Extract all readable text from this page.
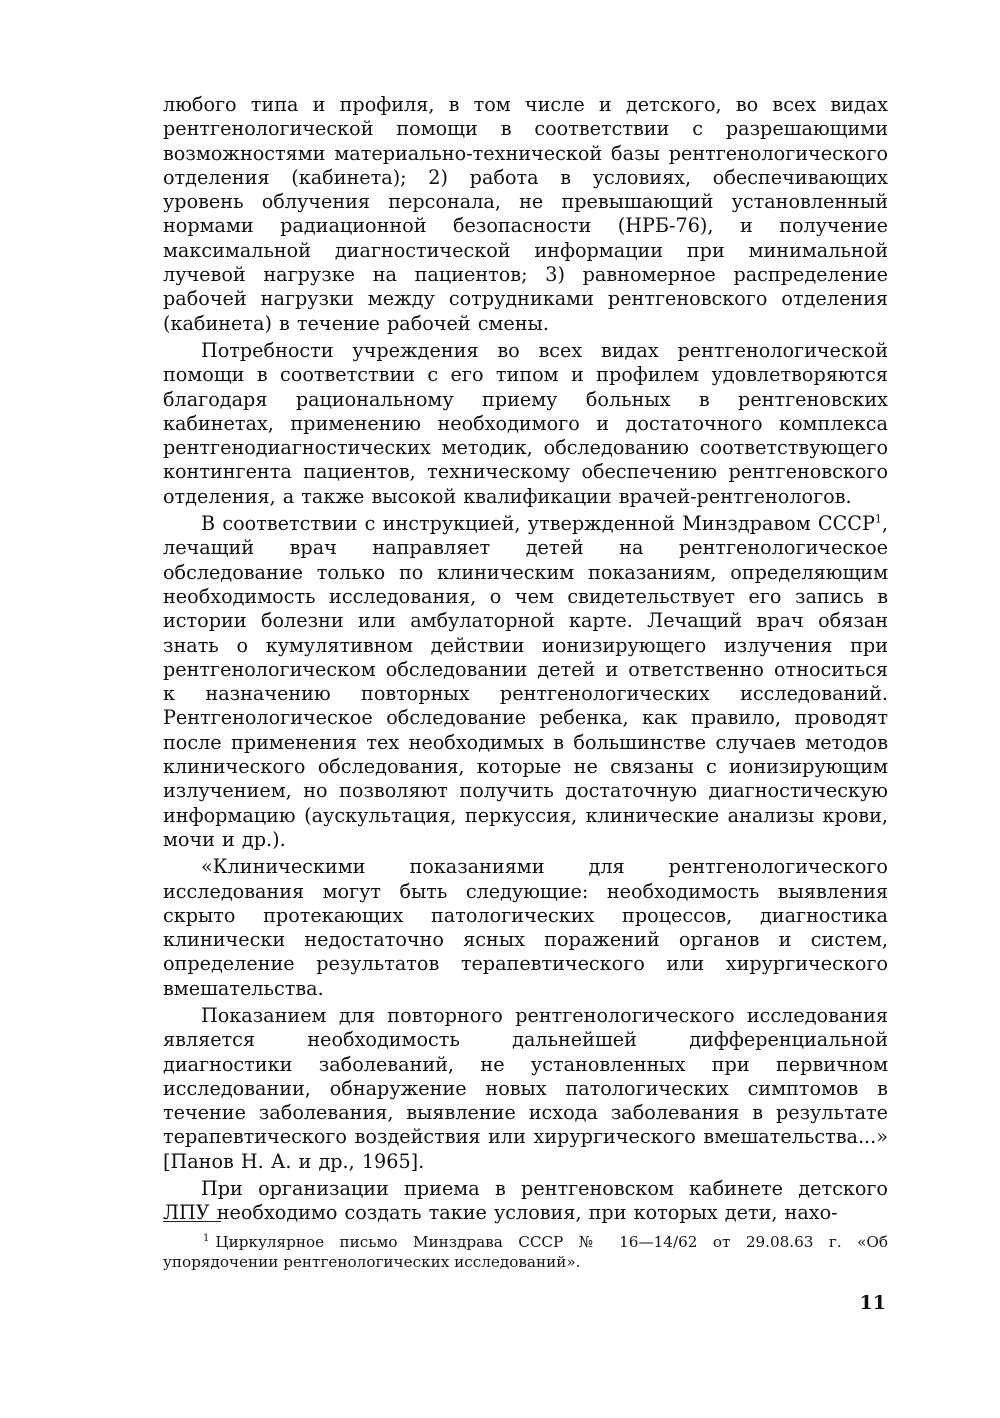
любого типа и профиля, в том числе и детского, во всех видах рентгенологической помощи в соответствии с разрешающими возможностями материально-технической базы рентгенологического отделения (кабинета); 2) работа в условиях, обеспечивающих уровень облучения персонала, не превышающий установленный нормами радиационной безопасности (НРБ-76), и получение максимальной диагностической информации при минимальной лучевой нагрузке на пациентов; 3) равномерное распределение рабочей нагрузки между сотрудниками рентгеновского отделения (кабинета) в течение рабочей смены.

Потребности учреждения во всех видах рентгенологической помощи в соответствии с его типом и профилем удовлетворяются благодаря рациональному приему больных в рентгеновских кабинетах, применению необходимого и достаточного комплекса рентгенодиагностических методик, обследованию соответствующего контингента пациентов, техническому обеспечению рентгеновского отделения, а также высокой квалификации врачей-рентгенологов.

В соответствии с инструкцией, утвержденной Минздравом СССР$^1$, лечащий врач направляет детей на рентгенологическое обследование только по клиническим показаниям, определяющим необходимость исследования, о чем свидетельствует его запись в истории болезни или амбулаторной карте. Лечащий врач обязан знать о кумулятивном действии ионизирующего излучения при рентгенологическом обследовании детей и ответственно относиться к назначению повторных рентгенологических исследований. Рентгенологическое обследование ребенка, как правило, проводят после применения тех необходимых в большинстве случаев методов клинического обследования, которые не связаны с ионизирующим излучением, но позволяют получить достаточную диагностическую информацию (аускультация, перкуссия, клинические анализы крови, мочи и др.).

«Клиническими показаниями для рентгенологического исследования могут быть следующие: необходимость выявления скрыто протекающих патологических процессов, диагностика клинически недостаточно ясных поражений органов и систем, определение результатов терапевтического или хирургического вмешательства.

Показанием для повторного рентгенологического исследования является необходимость дальнейшей дифференциальной диагностики заболеваний, не установленных при первичном исследовании, обнаружение новых патологических симптомов в течение заболевания, выявление исхода заболевания в результате терапевтического воздействия или хирургического вмешательства...» [Панов Н. А. и др., 1965].

При организации приема в рентгеновском кабинете детского ЛПУ необходимо создать такие условия, при которых дети, нахо-

$^1$ Циркулярное письмо Минздрава СССР № 16—14/62 от 29.08.63 г. «Об упорядочении рентгенологических исследований».
11
